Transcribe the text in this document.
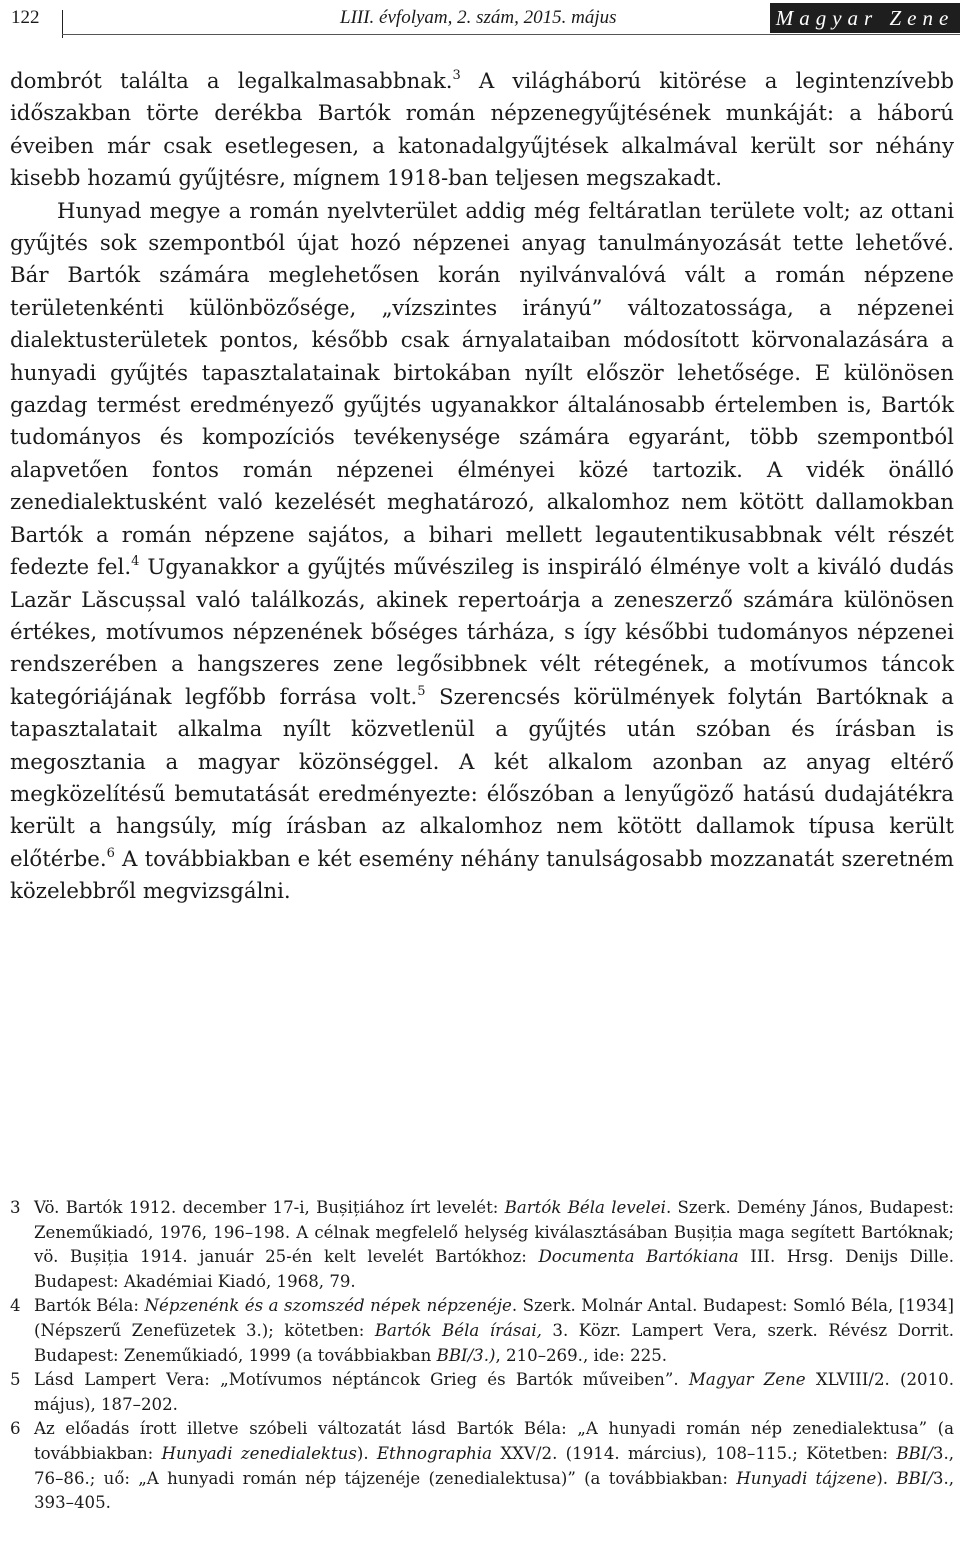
122	LIII. évfolyam, 2. szám, 2015. május	Magyar Zene

dombrót találta a legalkalmasabbnak.$^3$ A világháború kitörése a legintenzívebb időszakban törte derékba Bartók román népzenegyűjtésének munkáját: a háború éveiben már csak esetlegesen, a katonadalgyűjtések alkalmával került sor néhány kisebb hozamú gyűjtésre, mígnem 1918-ban teljesen megszakadt.

Hunyad megye a román nyelvterület addig még feltáratlan területe volt; az ottani gyűjtés sok szempontból újat hozó népzenei anyag tanulmányozását tette lehetővé. Bár Bartók számára meglehetősen korán nyilvánvalóvá vált a román népzene területenkénti különbözősége, „vízszintes irányú” változatossága, a népzenei dialektusterületek pontos, később csak árnyalataiban módosított körvonalazására a hunyadi gyűjtés tapasztalatainak birtokában nyílt először lehetősége. E különösen gazdag termést eredményező gyűjtés ugyanakkor általánosabb értelemben is, Bartók tudományos és kompozíciós tevékenysége számára egyaránt, több szempontból alapvetően fontos román népzenei élményei közé tartozik. A vidék önálló zenedialektusként való kezelését meghatározó, alkalomhoz nem kötött dallamokban Bartók a román népzene sajátos, a bihari mellett legautentikusabbnak vélt részét fedezte fel.$^4$ Ugyanakkor a gyűjtés művészileg is inspiráló élménye volt a kiváló dudás Lazăr Lăscușsal való találkozás, akinek repertoárja a zeneszerző számára különösen értékes, motívumos népzenének bőséges tárháza, s így későbbi tudományos népzenei rendszerében a hangszeres zene legősibbnek vélt rétegének, a motívumos táncok kategóriájának legfőbb forrása volt.$^5$ Szerencsés körülmények folytán Bartóknak a tapasztalatait alkalma nyílt közvetlenül a gyűjtés után szóban és írásban is megosztania a magyar közönséggel. A két alkalom azonban az anyag eltérő megközelítésű bemutatását eredményezte: élőszóban a lenyűgöző hatású dudajátékra került a hangsúly, míg írásban az alkalomhoz nem kötött dallamok típusa került előtérbe.$^6$ A továbbiakban e két esemény néhány tanulságosabb mozzanatát szeretném közelebbről megvizsgálni.

3 Vö. Bartók 1912. december 17-i, Bușițiához írt levelét: Bartók Béla levelei. Szerk. Demény János, Budapest: Zeneműkiadó, 1976, 196–198. A célnak megfelelő helység kiválasztásában Bușiția maga segített Bartóknak; vö. Bușiția 1914. január 25-én kelt levelét Bartókhoz: Documenta Bartókiana III. Hrsg. Denijs Dille. Budapest: Akadémiai Kiadó, 1968, 79.
4 Bartók Béla: Népzenénk és a szomszéd népek népzenéje. Szerk. Molnár Antal. Budapest: Somló Béla, [1934] (Népszerű Zenefüzetek 3.); kötetben: Bartók Béla írásai, 3. Közr. Lampert Vera, szerk. Révész Dorrit. Budapest: Zeneműkiadó, 1999 (a továbbiakban BBI/3.), 210–269., ide: 225.
5 Lásd Lampert Vera: „Motívumos néptáncok Grieg és Bartók műveiben”. Magyar Zene XLVIII/2. (2010. május), 187–202.
6 Az előadás írott illetve szóbeli változatát lásd Bartók Béla: „A hunyadi román nép zenedialektusa” (a továbbiakban: Hunyadi zenedialektus). Ethnographia XXV/2. (1914. március), 108–115.; Kötetben: BBI/3., 76–86.; uő: „A hunyadi román nép tájzenéje (zenedialektusa)” (a továbbiakban: Hunyadi tájzene). BBI/3., 393–405.
